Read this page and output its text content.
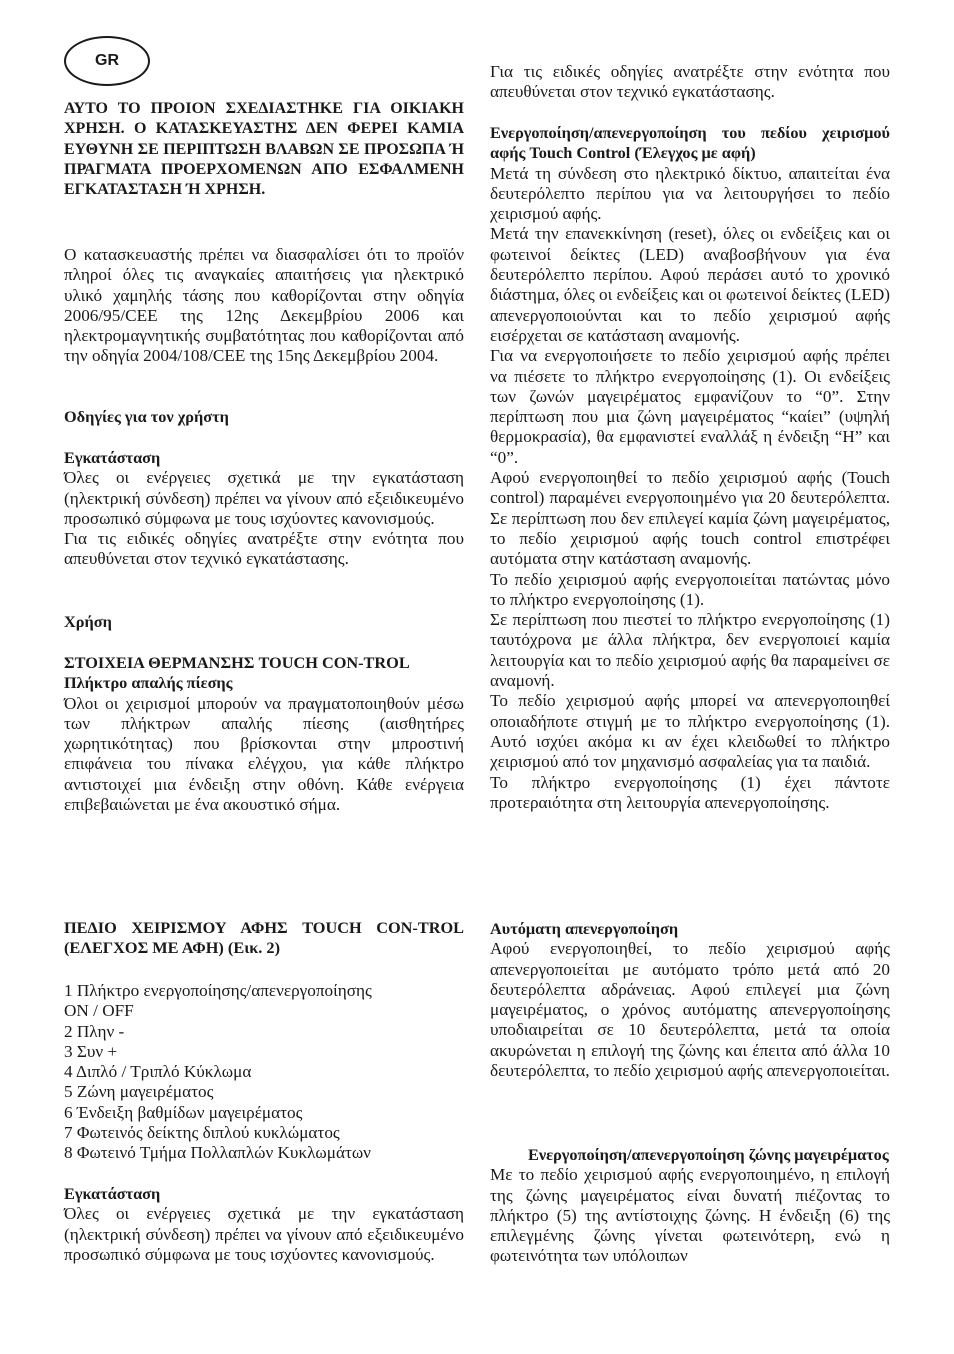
GR

ΑΥΤΟ ΤΟ ΠΡΟΙΟΝ ΣΧΕΔΙΑΣΤΗΚΕ ΓΙΑ ΟΙΚΙΑΚΗ ΧΡΗΣΗ. Ο ΚΑΤΑΣΚΕΥΑΣΤΗΣ ΔΕΝ ΦΕΡΕΙ ΚΑΜΙΑ ΕΥΘΥΝΗ ΣΕ ΠΕΡΙΠΤΩΣΗ ΒΛΑΒΩΝ ΣΕ ΠΡΟΣΩΠΑ Ή ΠΡΑΓΜΑΤΑ ΠΡΟΕΡΧΟΜΕΝΩΝ ΑΠΟ ΕΣΦΑΛΜΕΝΗ ΕΓΚΑΤΑΣΤΑΣΗ Ή ΧΡΗΣΗ.

Ο κατασκευαστής πρέπει να διασφαλίσει ότι το προϊόν πληροί όλες τις αναγκαίες απαιτήσεις για ηλεκτρικό υλικό χαμηλής τάσης που καθορίζονται στην οδηγία 2006/95/CEE της 12ης Δεκεμβρίου 2006 και ηλεκτρομαγνητικής συμβατότητας που καθορίζονται από την οδηγία 2004/108/CEE της 15ης Δεκεμβρίου 2004.

Οδηγίες για τον χρήστη

Εγκατάσταση

Όλες οι ενέργειες σχετικά με την εγκατάσταση (ηλεκτρική σύνδεση) πρέπει να γίνουν από εξειδικευμένο προσωπικό σύμφωνα με τους ισχύοντες κανονισμούς.

Για τις ειδικές οδηγίες ανατρέξτε στην ενότητα που απευθύνεται στον τεχνικό εγκατάστασης.

Χρήση

ΣΤΟΙΧΕΙΑ ΘΕΡΜΑΝΣΗΣ TOUCH CON-TROL

Πλήκτρο απαλής πίεσης

Όλοι οι χειρισμοί μπορούν να πραγματοποιηθούν μέσω των πλήκτρων απαλής πίεσης (αισθητήρες χωρητικότητας) που βρίσκονται στην μπροστινή επιφάνεια του πίνακα ελέγχου, για κάθε πλήκτρο αντιστοιχεί μια ένδειξη στην οθόνη. Κάθε ενέργεια επιβεβαιώνεται με ένα ακουστικό σήμα.

ΠΕΔΙΟ ΧΕΙΡΙΣΜΟΥ ΑΦΗΣ TOUCH CON-TROL (ΕΛΕΓΧΟΣ ΜΕ ΑΦΗ) (Εικ. 2)

1 Πλήκτρο ενεργοποίησης/απενεργοποίησης

ON / OFF

2 Πλην -

3 Συν +

4 Διπλό / Τριπλό Κύκλωμα

5 Ζώνη μαγειρέματος

6 Ένδειξη βαθμίδων μαγειρέματος

7 Φωτεινός δείκτης διπλού κυκλώματος

8 Φωτεινό Τμήμα Πολλαπλών Κυκλωμάτων

Εγκατάσταση

Όλες οι ενέργειες σχετικά με την εγκατάσταση (ηλεκτρική σύνδεση) πρέπει να γίνουν από εξειδικευμένο προσωπικό σύμφωνα με τους ισχύοντες κανονισμούς.

Για τις ειδικές οδηγίες ανατρέξτε στην ενότητα που απευθύνεται στον τεχνικό εγκατάστασης.

Ενεργοποίηση/απενεργοποίηση του πεδίου χειρισμού αφής Touch Control (Έλεγχος με αφή)

Μετά τη σύνδεση στο ηλεκτρικό δίκτυο, απαιτείται ένα δευτερόλεπτο περίπου για να λειτουργήσει το πεδίο χειρισμού αφής.

Μετά την επανεκκίνηση (reset), όλες οι ενδείξεις και οι φωτεινοί δείκτες (LED) αναβοσβήνουν για ένα δευτερόλεπτο περίπου. Αφού περάσει αυτό το χρονικό διάστημα, όλες οι ενδείξεις και οι φωτεινοί δείκτες (LED) απενεργοποιούνται και το πεδίο χειρισμού αφής εισέρχεται σε κατάσταση αναμονής.

Για να ενεργοποιήσετε το πεδίο χειρισμού αφής πρέπει να πιέσετε το πλήκτρο ενεργοποίησης (1). Οι ενδείξεις των ζωνών μαγειρέματος εμφανίζουν το “0”. Στην περίπτωση που μια ζώνη μαγειρέματος “καίει” (υψηλή θερμοκρασία), θα εμφανιστεί εναλλάξ η ένδειξη “H” και “0”.

Αφού ενεργοποιηθεί το πεδίο χειρισμού αφής (Touch control) παραμένει ενεργοποιημένο για 20 δευτερόλεπτα. Σε περίπτωση που δεν επιλεγεί καμία ζώνη μαγειρέματος, το πεδίο χειρισμού αφής touch control επιστρέφει αυτόματα στην κατάσταση αναμονής.

Το πεδίο χειρισμού αφής ενεργοποιείται πατώντας μόνο το πλήκτρο ενεργοποίησης (1).

Σε περίπτωση που πιεστεί το πλήκτρο ενεργοποίησης (1) ταυτόχρονα με άλλα πλήκτρα, δεν ενεργοποιεί καμία λειτουργία και το πεδίο χειρισμού αφής θα παραμείνει σε αναμονή.

Το πεδίο χειρισμού αφής μπορεί να απενεργοποιηθεί οποιαδήποτε στιγμή με το πλήκτρο ενεργοποίησης (1). Αυτό ισχύει ακόμα κι αν έχει κλειδωθεί το πλήκτρο χειρισμού από τον μηχανισμό ασφαλείας για τα παιδιά.

Το πλήκτρο ενεργοποίησης (1) έχει πάντοτε προτεραιότητα στη λειτουργία απενεργοποίησης.

Αυτόματη απενεργοποίηση

Αφού ενεργοποιηθεί, το πεδίο χειρισμού αφής απενεργοποιείται με αυτόματο τρόπο μετά από 20 δευτερόλεπτα αδράνειας. Αφού επιλεγεί μια ζώνη μαγειρέματος, ο χρόνος αυτόματης απενεργοποίησης υποδιαιρείται σε 10 δευτερόλεπτα, μετά τα οποία ακυρώνεται η επιλογή της ζώνης και έπειτα από άλλα 10 δευτερόλεπτα, το πεδίο χειρισμού αφής απενεργοποιείται.

Ενεργοποίηση/απενεργοποίηση ζώνης μαγειρέματος

Με το πεδίο χειρισμού αφής ενεργοποιημένο, η επιλογή της ζώνης μαγειρέματος είναι δυνατή πιέζοντας το πλήκτρο (5) της αντίστοιχης ζώνης. Η ένδειξη (6) της επιλεγμένης ζώνης γίνεται φωτεινότερη, ενώ η φωτεινότητα των υπόλοιπων
